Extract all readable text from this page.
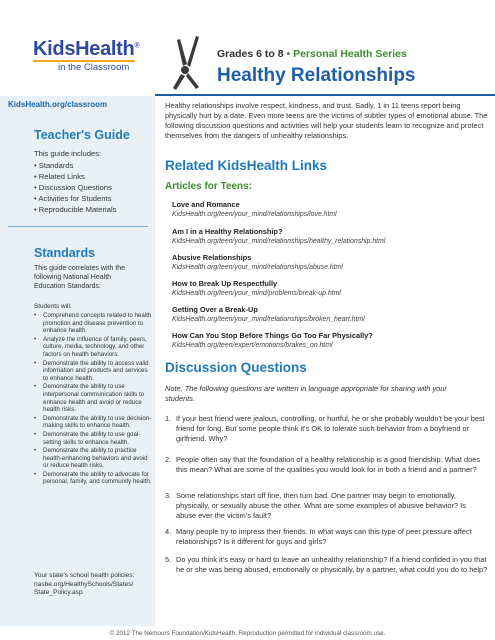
KidsHealth®
in the Classroom
KidsHealth.org/classroom
Teacher's Guide
This guide includes:
• Standards
• Related Links
• Discussion Questions
• Activities for Students
• Reproducible Materials
Standards
This guide correlates with the following National Health Education Standards:
Students will:
• Comprehend concepts related to health promotion and disease prevention to enhance health.
• Analyze the influence of family, peers, culture, media, technology, and other factors on health behaviors.
• Demonstrate the ability to access valid information and products and services to enhance health.
• Demonstrate the ability to use interpersonal communication skills to enhance health and avoid or reduce health risks.
• Demonstrate the ability to use decision-making skills to enhance health.
• Demonstrate the ability to use goal-setting skills to enhance health.
• Demonstrate the ability to practice health-enhancing behaviors and avoid or reduce health risks.
• Demonstrate the ability to advocate for personal, family, and community health.
Your state's school health policies: nasbe.org/HealthySchools/States/ State_Policy.asp
Grades 6 to 8 • Personal Health Series
Healthy Relationships
Healthy relationships involve respect, kindness, and trust. Sadly, 1 in 11 teens report being physically hurt by a date. Even more teens are the victims of subtler types of emotional abuse. The following discussion questions and activities will help your students learn to recognize and protect themselves from the dangers of unhealthy relationships.
Related KidsHealth Links
Articles for Teens:
Love and Romance
KidsHealth.org/teen/your_mind/relationships/love.html
Am I in a Healthy Relationship?
KidsHealth.org/teen/your_mind/relationships/healthy_relationship.html
Abusive Relationships
KidsHealth.org/teen/your_mind/relationships/abuse.html
How to Break Up Respectfully
KidsHealth.org/teen/your_mind/problems/break-up.html
Getting Over a Break-Up
KidsHealth.org/teen/your_mind/relationships/broken_heart.html
How Can You Stop Before Things Go Too Far Physically?
KidsHealth.org/teen/expert/emotions/brakes_on.html
Discussion Questions
Note: The following questions are written in language appropriate for sharing with your students.
1. If your best friend were jealous, controlling, or hurtful, he or she probably wouldn't be your best friend for long. But some people think it's OK to tolerate such behavior from a boyfriend or girlfriend. Why?
2. People often say that the foundation of a healthy relationship is a good friendship. What does this mean? What are some of the qualities you would look for in both a friend and a partner?
3. Some relationships start off fine, then turn bad. One partner may begin to emotionally, physically, or sexually abuse the other. What are some examples of abusive behavior? Is abuse ever the victim's fault?
4. Many people try to impress their friends. In what ways can this type of peer pressure affect relationships? Is it different for guys and girls?
5. Do you think it's easy or hard to leave an unhealthy relationship? If a friend confided in you that he or she was being abused, emotionally or physically, by a partner, what could you do to help?
© 2012 The Nemours Foundation/KidsHealth. Reproduction permitted for individual classroom use.
